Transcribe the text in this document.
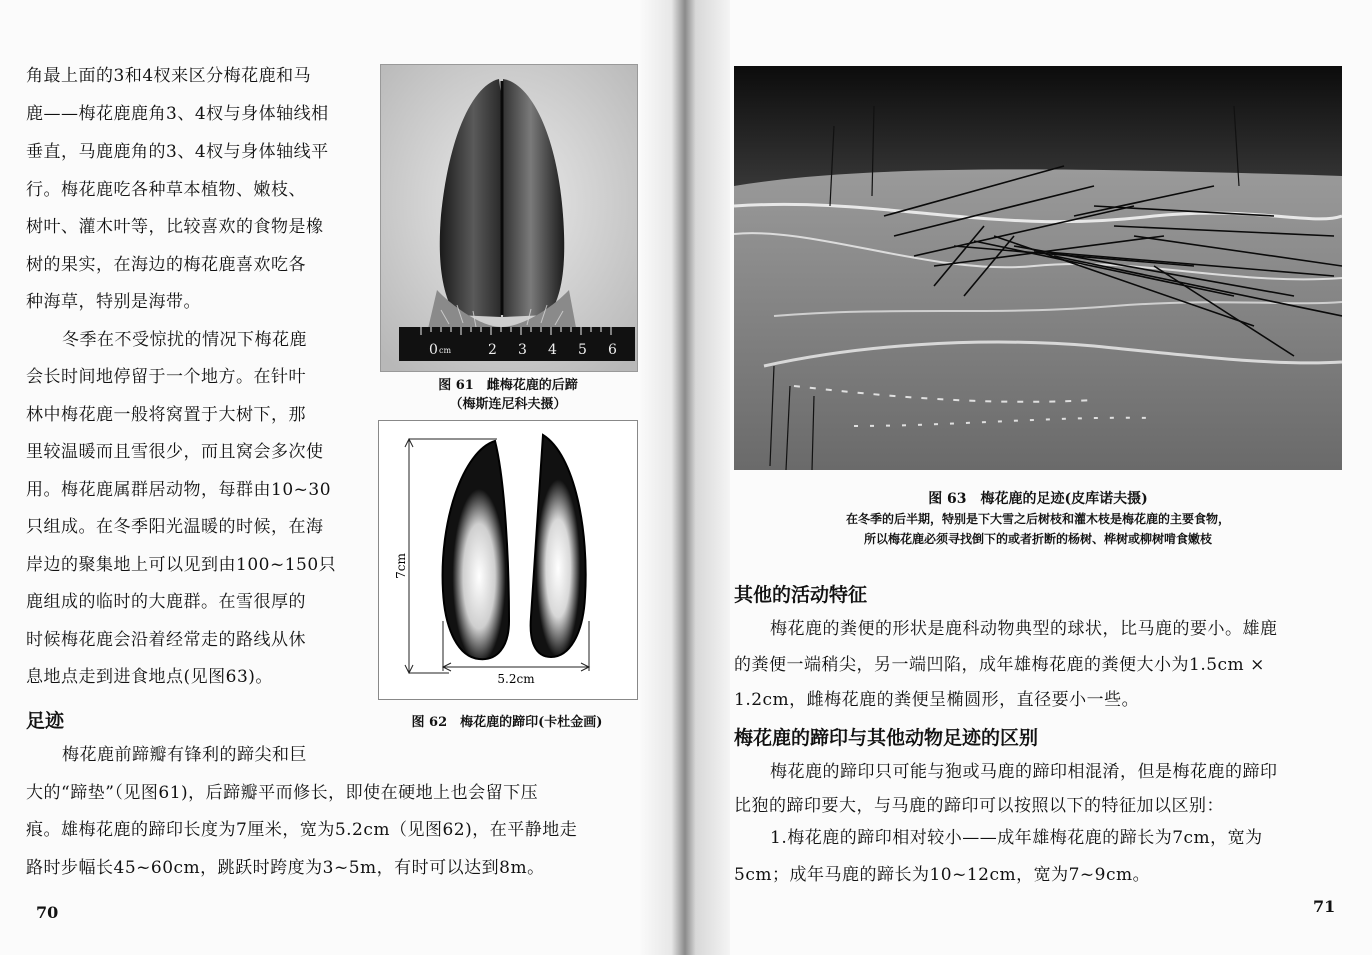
角最上面的3和4杈来区分梅花鹿和马
鹿——梅花鹿鹿角3、4杈与身体轴线相
垂直，马鹿鹿角的3、4杈与身体轴线平
行。梅花鹿吃各种草本植物、嫩枝、
树叶、灌木叶等，比较喜欢的食物是橡
树的果实，在海边的梅花鹿喜欢吃各
种海草，特别是海带。
冬季在不受惊扰的情况下梅花鹿
会长时间地停留于一个地方。在针叶
林中梅花鹿一般将窝置于大树下，那
里较温暖而且雪很少，而且窝会多次使
用。梅花鹿属群居动物，每群由10~30
只组成。在冬季阳光温暖的时候，在海
岸边的聚集地上可以见到由100~150只
鹿组成的临时的大鹿群。在雪很厚的
时候梅花鹿会沿着经常走的路线从休
息地点走到进食地点(见图63)。
足迹
梅花鹿前蹄瓣有锋利的蹄尖和巨
大的“蹄垫”（见图61)，后蹄瓣平而修长，即使在硬地上也会留下压
痕。雄梅花鹿的蹄印长度为7厘米，宽为5.2cm（见图62)，在平静地走
路时步幅长45~60cm，跳跃时跨度为3~5m，有时可以达到8m。
0 cm	2 3 4 5 6
图 61　雌梅花鹿的后蹄
（梅斯连尼科夫摄）
7cm
5.2cm
图 62　梅花鹿的蹄印(卡杜金画)
70
图 63　梅花鹿的足迹(皮库诺夫摄)
在冬季的后半期，特别是下大雪之后树枝和灌木枝是梅花鹿的主要食物，
所以梅花鹿必须寻找倒下的或者折断的杨树、桦树或柳树啃食嫩枝
其他的活动特征
梅花鹿的粪便的形状是鹿科动物典型的球状，比马鹿的要小。雄鹿
的粪便一端稍尖，另一端凹陷，成年雄梅花鹿的粪便大小为1.5cm ×
1.2cm，雌梅花鹿的粪便呈椭圆形，直径要小一些。
梅花鹿的蹄印与其他动物足迹的区别
梅花鹿的蹄印只可能与狍或马鹿的蹄印相混淆，但是梅花鹿的蹄印
比狍的蹄印要大，与马鹿的蹄印可以按照以下的特征加以区别：
1.梅花鹿的蹄印相对较小——成年雄梅花鹿的蹄长为7cm，宽为
5cm；成年马鹿的蹄长为10~12cm，宽为7~9cm。
71
